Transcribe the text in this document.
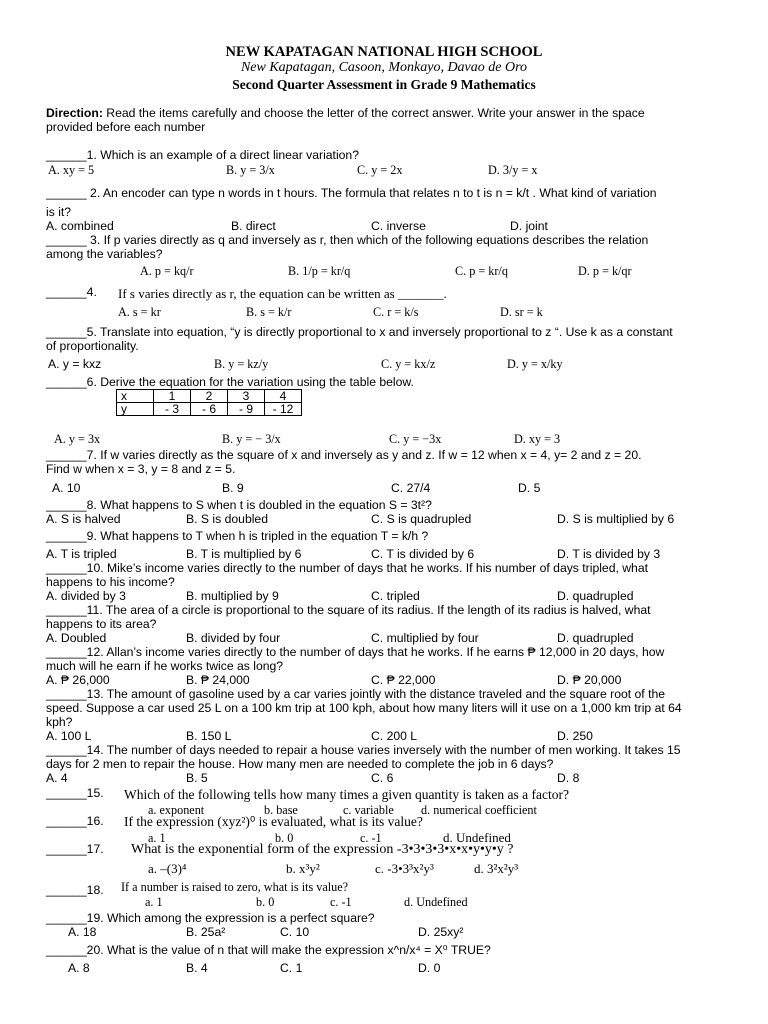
NEW KAPATAGAN NATIONAL HIGH SCHOOL
New Kapatagan, Casoon, Monkayo, Davao de Oro
Second Quarter Assessment in Grade 9 Mathematics
Direction: Read the items carefully and choose the letter of the correct answer. Write your answer in the space
provided before each number
______1. Which is an example of a direct linear variation?
A. xy = 5	B. y = 3/x	C. y = 2x	D. 3/y = x
______ 2. An encoder can type n words in t hours. The formula that relates n to t is n = k/t . What kind of variation
is it?
A. combined	B. direct	C. inverse	D. joint
______ 3. If p varies directly as q and inversely as r, then which of the following equations describes the relation
among the variables?
A. p = kq/r	B. 1/p = kr/q	C. p = kr/q	D. p = k/qr
______4. If s varies directly as r, the equation can be written as _______.
A. s = kr	B. s = k/r	C. r = k/s	D. sr = k
______5. Translate into equation, “y is directly proportional to x and inversely proportional to z “. Use k as a constant
of proportionality.
A. y = kxz	B. y = kz/y	C. y = kx/z	D. y = x/ky
______6. Derive the equation for the variation using the table below.
x	1	2	3	4
y	- 3	- 6	- 9	- 12
A. y = 3x	B. y = − 3/x	C. y = −3x	D. xy = 3
______7. If w varies directly as the square of x and inversely as y and z. If w = 12 when x = 4, y= 2 and z = 20.
Find w when x = 3, y = 8 and z = 5.
A. 10	B. 9	C. 27/4	D. 5
______8. What happens to S when t is doubled in the equation S = 3t²?
A. S is halved	B. S is doubled	C. S is quadrupled	D. S is multiplied by 6
______9. What happens to T when h is tripled in the equation T = k/h ?
A. T is tripled	B. T is multiplied by 6	C. T is divided by 6	D. T is divided by 3
______10. Mike’s income varies directly to the number of days that he works. If his number of days tripled, what
happens to his income?
A. divided by 3	B. multiplied by 9	C. tripled	D. quadrupled
______11. The area of a circle is proportional to the square of its radius. If the length of its radius is halved, what
happens to its area?
A. Doubled	B. divided by four	C. multiplied by four	D. quadrupled
______12. Allan’s income varies directly to the number of days that he works. If he earns ₱ 12,000 in 20 days, how
much will he earn if he works twice as long?
A. ₱ 26,000	B. ₱ 24,000	C. ₱ 22,000	D. ₱ 20,000
______13. The amount of gasoline used by a car varies jointly with the distance traveled and the square root of the
speed. Suppose a car used 25 L on a 100 km trip at 100 kph, about how many liters will it use on a 1,000 km trip at 64
kph?
A. 100 L	B. 150 L	C. 200 L	D. 250
______14. The number of days needed to repair a house varies inversely with the number of men working. It takes 15
days for 2 men to repair the house. How many men are needed to complete the job in 6 days?
A. 4	B. 5	C. 6	D. 8
______15. Which of the following tells how many times a given quantity is taken as a factor?
a. exponent	b. base	c. variable d. numerical coefficient
______16. If the expression (xyz²)⁰ is evaluated, what is its value?
a. 1	b. 0	c. -1	d. Undefined
______17. What is the exponential form of the expression -3•3•3•3•x•x•y•y•y ?
a. –(3)⁴	b. x³y²	c. -3•3³x²y³	d. 3²x²y³
______18. If a number is raised to zero, what is its value?
a. 1	b. 0	c. -1	d. Undefined
______19. Which among the expression is a perfect square?
A. 18	B. 25a²	C. 10	D. 25xy²
______20. What is the value of n that will make the expression x^n/x⁴ = X⁰ TRUE?
A. 8	B. 4	C. 1	D. 0
